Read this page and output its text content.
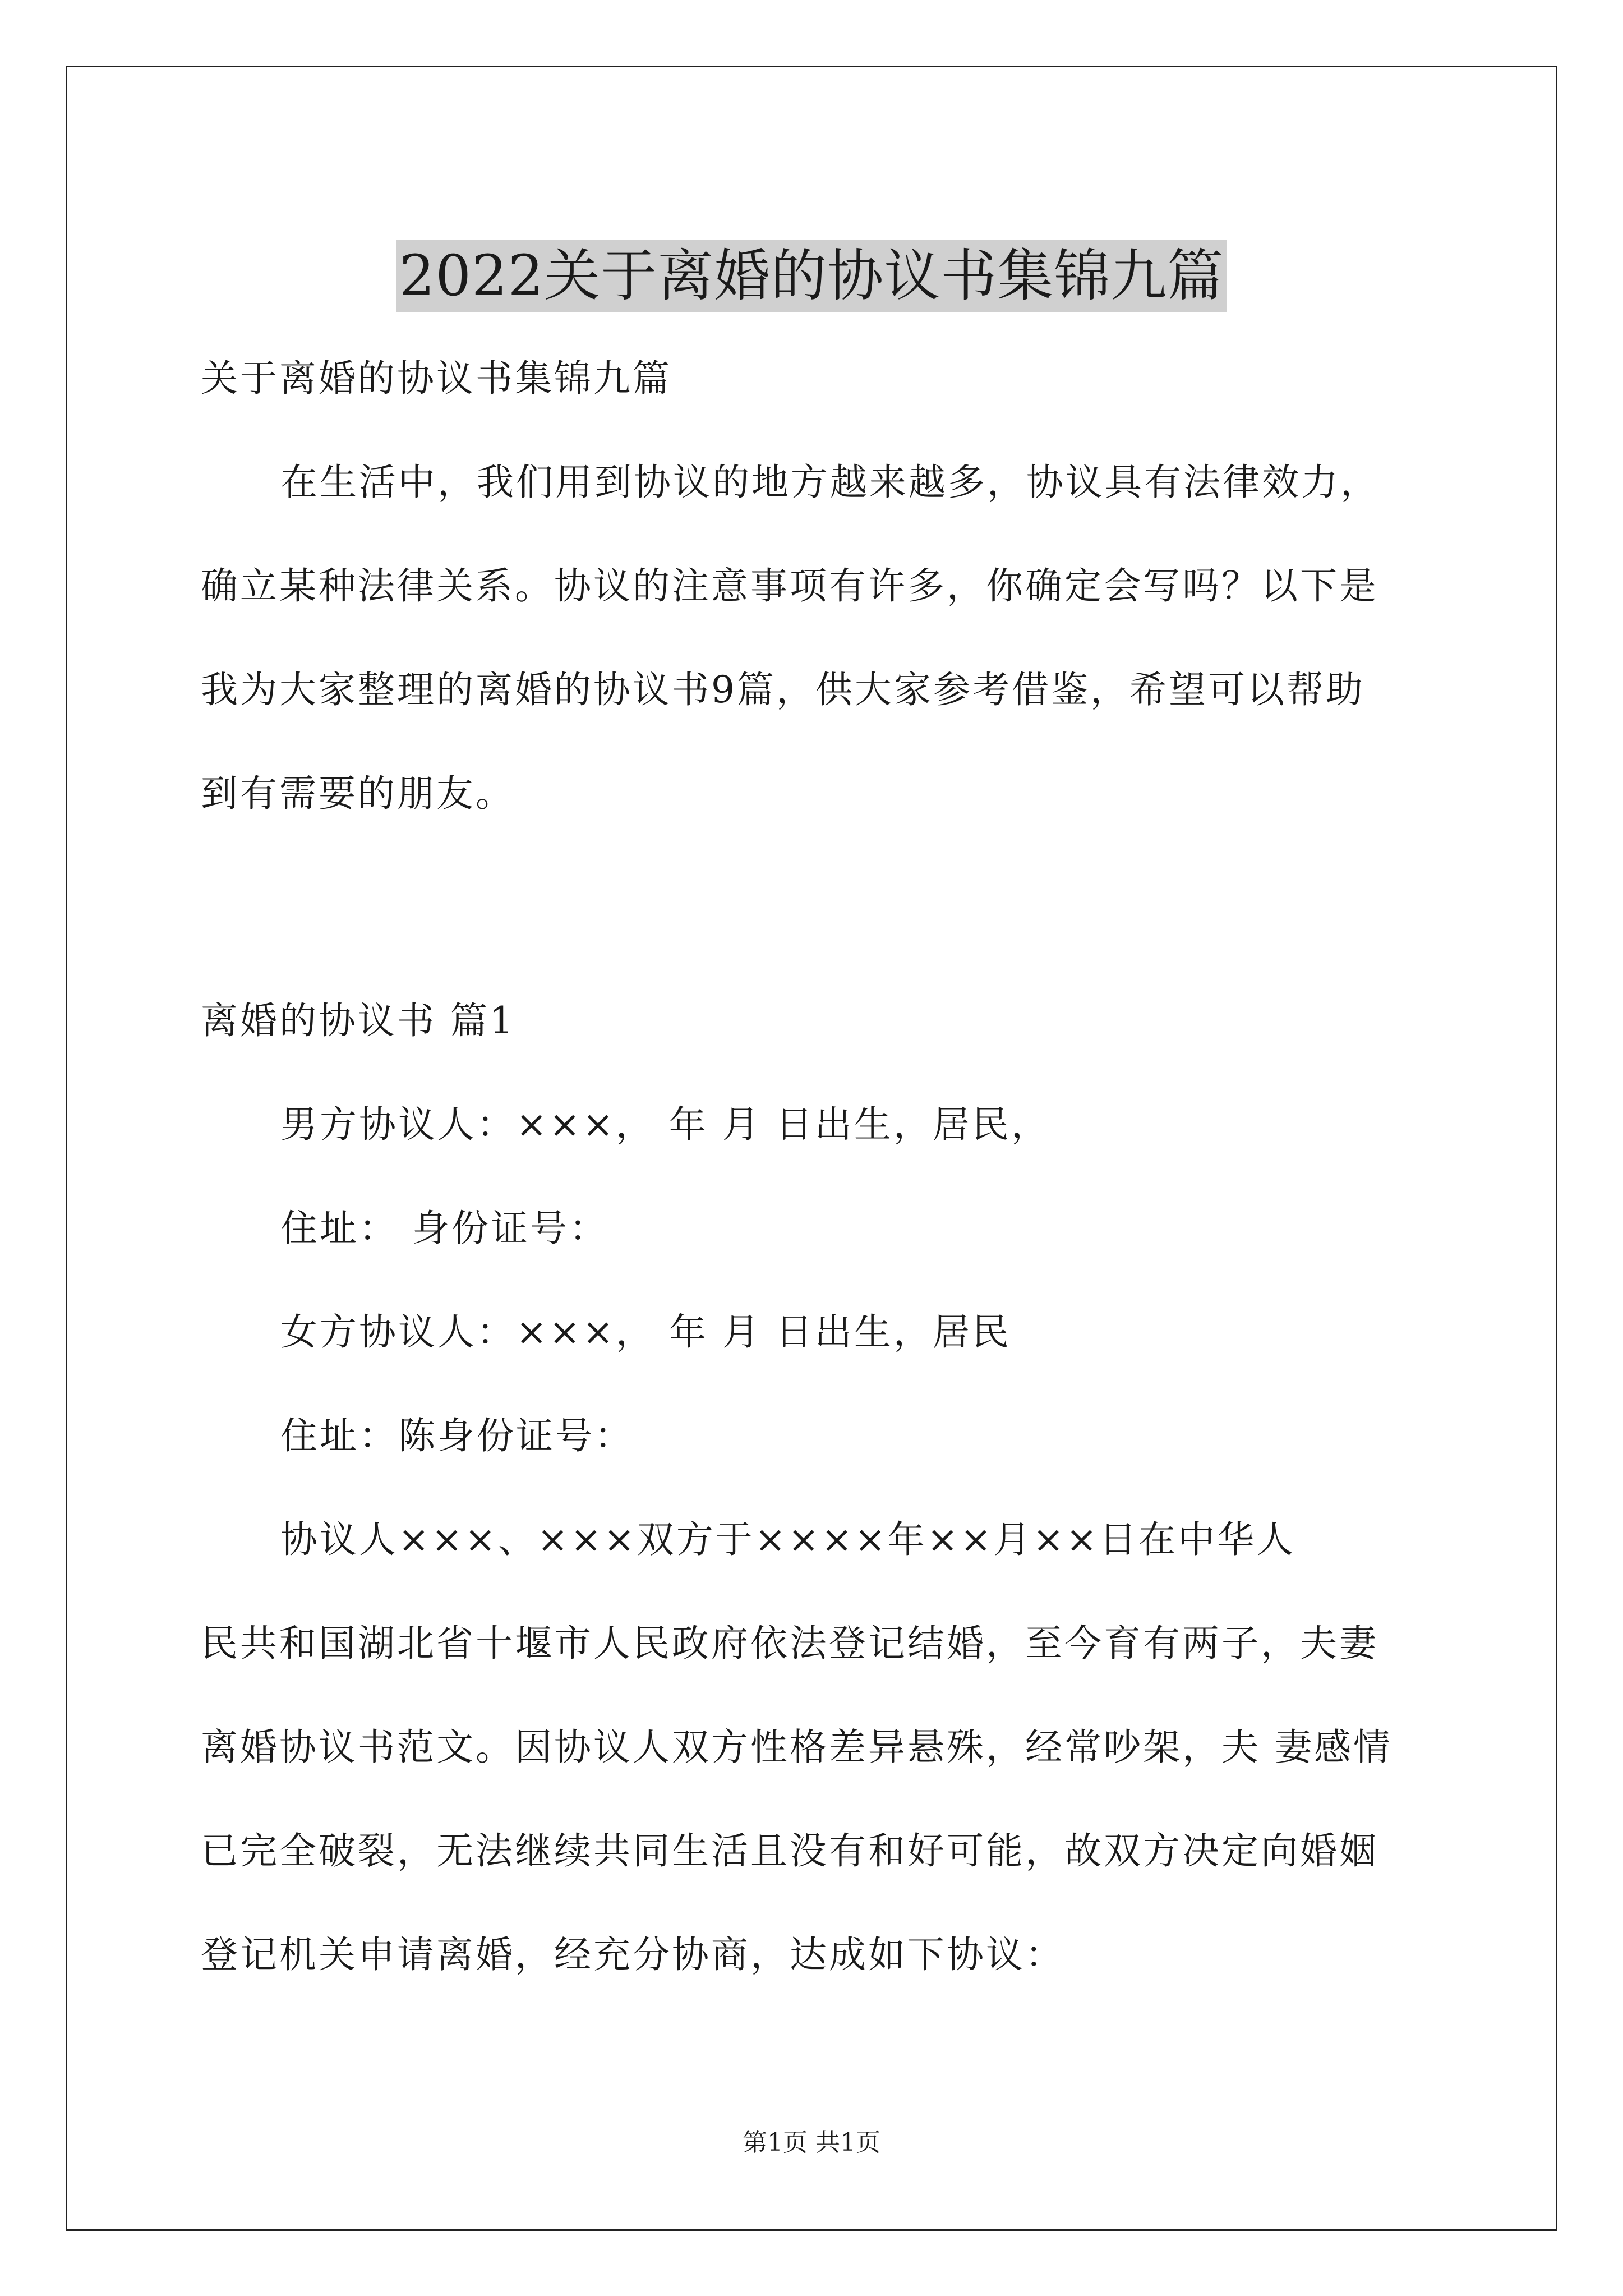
2022关于离婚的协议书集锦九篇
关于离婚的协议书集锦九篇
在生活中，我们用到协议的地方越来越多，协议具有法律效力，
确立某种法律关系。协议的注意事项有许多，你确定会写吗？以下是
我为大家整理的离婚的协议书9篇，供大家参考借鉴，希望可以帮助
到有需要的朋友。
离婚的协议书 篇1
男方协议人：×××， 年 月 日出生，居民，
住址： 身份证号：
女方协议人：×××， 年 月 日出生，居民
住址：陈身份证号：
协议人×××、×××双方于××××年××月××日在中华人
民共和国湖北省十堰市人民政府依法登记结婚，至今育有两子，夫妻
离婚协议书范文。因协议人双方性格差异悬殊，经常吵架，夫 妻感情
已完全破裂，无法继续共同生活且没有和好可能，故双方决定向婚姻
登记机关申请离婚，经充分协商，达成如下协议：
第1页 共1页
